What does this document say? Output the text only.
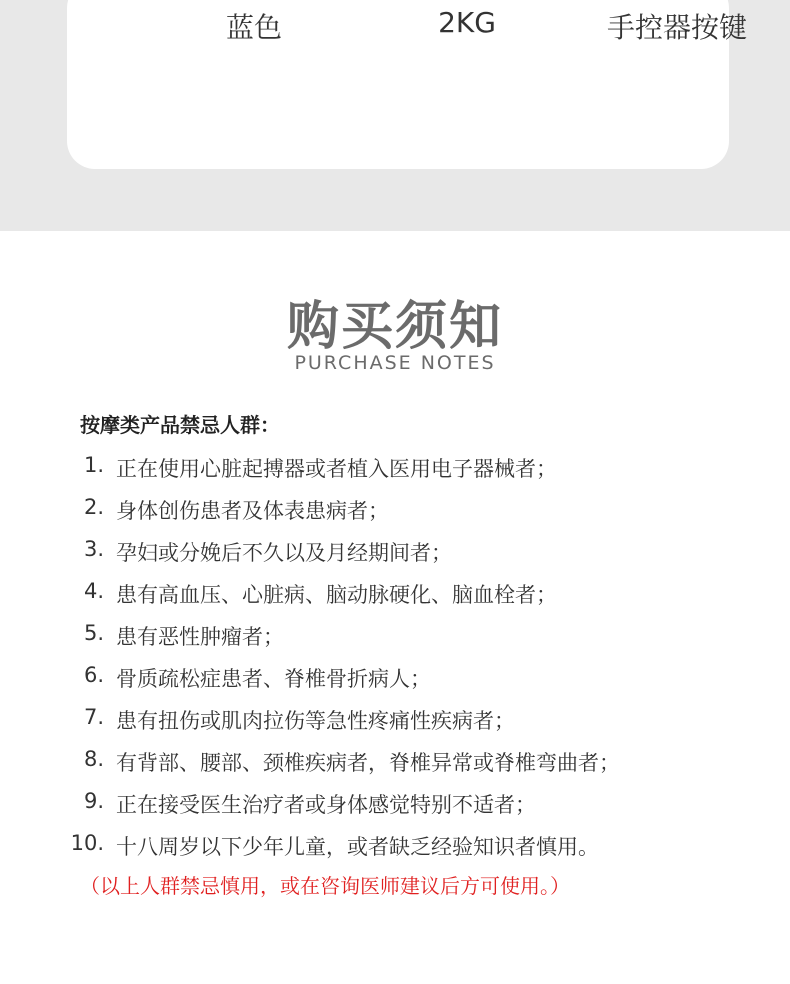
蓝色	2KG	手控器按键
购买须知
PURCHASE NOTES
按摩类产品禁忌人群：
1. 正在使用心脏起搏器或者植入医用电子器械者；
2. 身体创伤患者及体表患病者；
3. 孕妇或分娩后不久以及月经期间者；
4. 患有高血压、心脏病、脑动脉硬化、脑血栓者；
5. 患有恶性肿瘤者；
6. 骨质疏松症患者、脊椎骨折病人；
7. 患有扭伤或肌肉拉伤等急性疼痛性疾病者；
8. 有背部、腰部、颈椎疾病者，脊椎异常或脊椎弯曲者；
9. 正在接受医生治疗者或身体感觉特别不适者；
10. 十八周岁以下少年儿童，或者缺乏经验知识者慎用。
（以上人群禁忌慎用，或在咨询医师建议后方可使用。）
